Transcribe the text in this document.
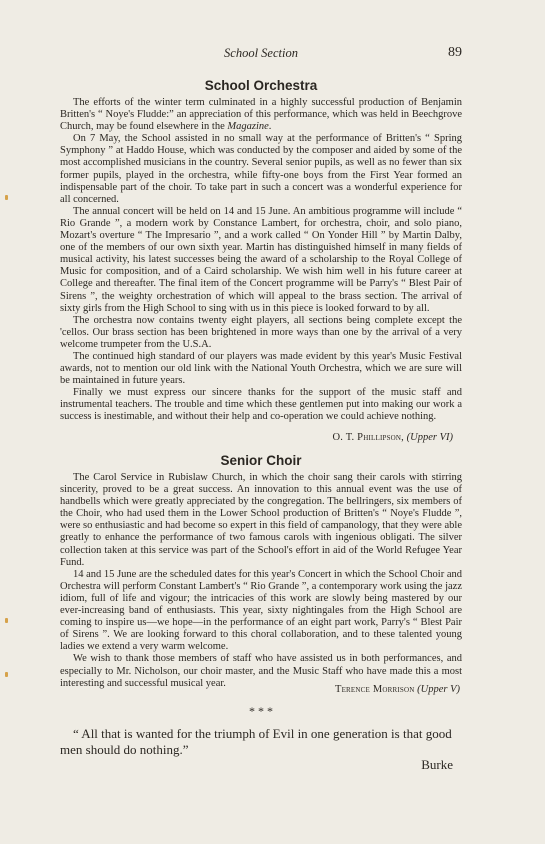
School Section	89
School Orchestra

The efforts of the winter term culminated in a highly successful production of Benjamin Britten's “ Noye's Fludde:” an appreciation of this performance, which was held in Beechgrove Church, may be found elsewhere in the Magazine.

On 7 May, the School assisted in no small way at the performance of Britten's “ Spring Symphony ” at Haddo House, which was conducted by the composer and aided by some of the most accomplished musicians in the country. Several senior pupils, as well as no fewer than six former pupils, played in the orchestra, while fifty-one boys from the First Year formed an indispensable part of the choir. To take part in such a concert was a wonderful experience for all concerned.

The annual concert will be held on 14 and 15 June. An ambitious programme will include “ Rio Grande ”, a modern work by Constance Lambert, for orchestra, choir, and solo piano, Mozart's overture “ The Impresario ”, and a work called “ On Yonder Hill ” by Martin Dalby, one of the members of our own sixth year. Martin has distinguished himself in many fields of musical activity, his latest successes being the award of a scholarship to the Royal College of Music for composition, and of a Caird scholarship. We wish him well in his future career at College and thereafter. The final item of the Concert programme will be Parry's “ Blest Pair of Sirens ”, the weighty orchestration of which will appeal to the brass section. The arrival of sixty girls from the High School to sing with us in this piece is looked forward to by all.

The orchestra now contains twenty eight players, all sections being complete except the 'cellos. Our brass section has been brightened in more ways than one by the arrival of a very welcome trumpeter from the U.S.A.

The continued high standard of our players was made evident by this year's Music Festival awards, not to mention our old link with the National Youth Orchestra, which we are sure will be maintained in future years.

Finally we must express our sincere thanks for the support of the music staff and instrumental teachers. The trouble and time which these gentlemen put into making our work a success is inestimable, and without their help and co-operation we could achieve nothing.

O. T. Phillipson, (Upper VI)
Senior Choir

The Carol Service in Rubislaw Church, in which the choir sang their carols with stirring sincerity, proved to be a great success. An innovation to this annual event was the use of handbells which were greatly appreciated by the congregation. The bellringers, six members of the Choir, who had used them in the Lower School production of Britten's “ Noye's Fludde ”, were so enthusiastic and had become so expert in this field of campanology, that they were able greatly to enhance the performance of two famous carols with ingenious obligati. The silver collection taken at this service was part of the School's effort in aid of the World Refugee Year Fund.

14 and 15 June are the scheduled dates for this year's Concert in which the School Choir and Orchestra will perform Constant Lambert's “ Rio Grande ”, a contemporary work using the jazz idiom, full of life and vigour; the intricacies of this work are slowly being mastered by our ever-increasing band of enthusiasts. This year, sixty nightingales from the High School are coming to inspire us—we hope—in the performance of an eight part work, Parry's “ Blest Pair of Sirens ”. We are looking forward to this choral collaboration, and to these talented young ladies we extend a very warm welcome.

We wish to thank those members of staff who have assisted us in both performances, and especially to Mr. Nicholson, our choir master, and the Music Staff who have made this a most interesting and successful musical year.

Terence Morrison (Upper V)
* * *
“ All that is wanted for the triumph of Evil in one generation is that good men should do nothing.”
Burke
